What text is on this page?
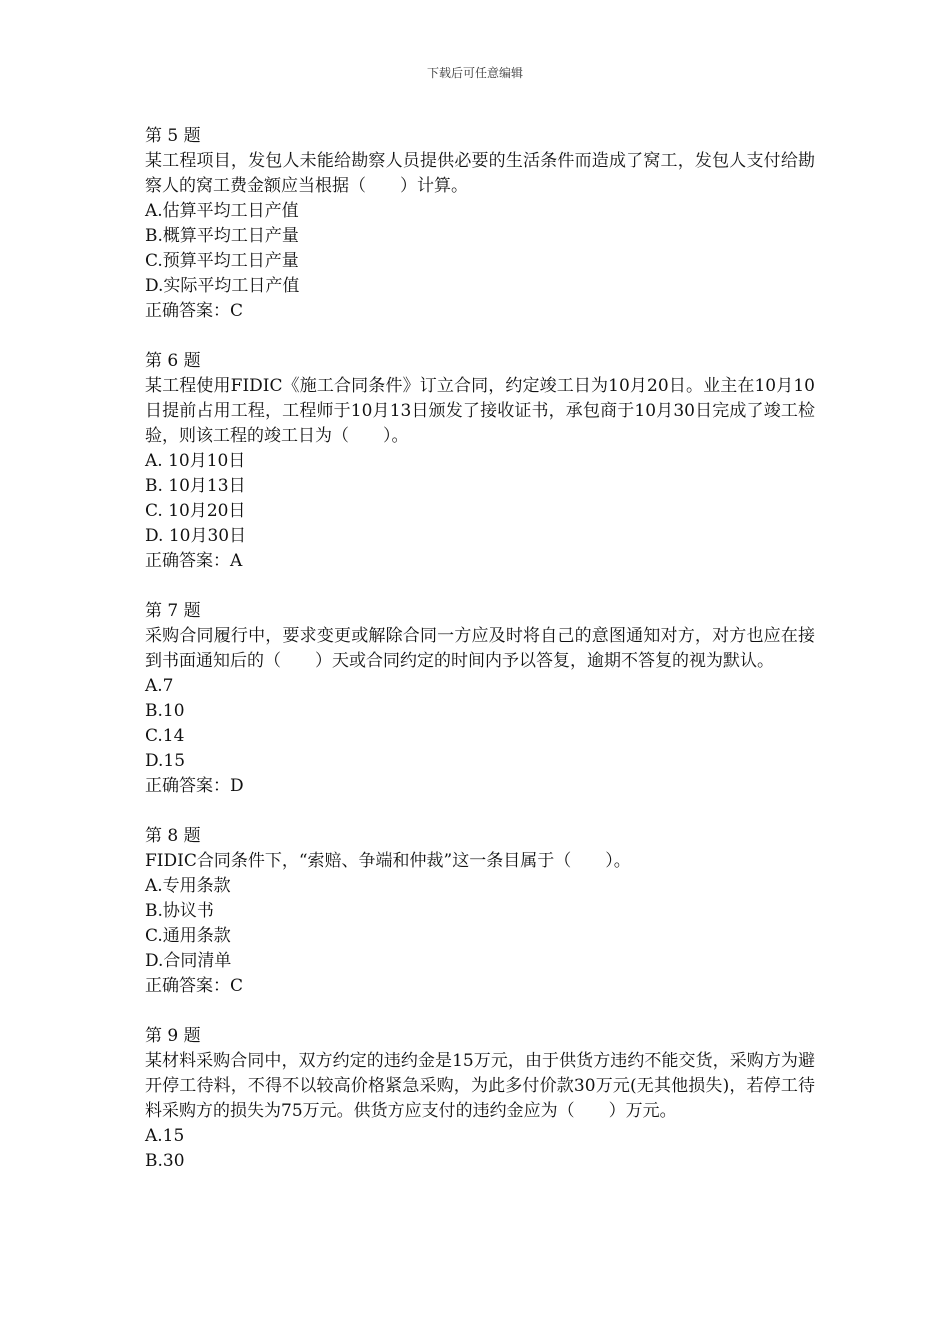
下载后可任意编辑
第 5 题
某工程项目，发包人未能给勘察人员提供必要的生活条件而造成了窝工，发包人支付给勘察人的窝工费金额应当根据（　　）计算。
A.估算平均工日产值
B.概算平均工日产量
C.预算平均工日产量
D.实际平均工日产值
正确答案：C
第 6 题
某工程使用FIDIC《施工合同条件》订立合同，约定竣工日为10月20日。业主在10月10日提前占用工程，工程师于10月13日颁发了接收证书，承包商于10月30日完成了竣工检验，则该工程的竣工日为（　　）。
A. 10月10日
B. 10月13日
C. 10月20日
D. 10月30日
正确答案：A
第 7 题
采购合同履行中，要求变更或解除合同一方应及时将自己的意图通知对方，对方也应在接到书面通知后的（　　）天或合同约定的时间内予以答复，逾期不答复的视为默认。
A.7
B.10
C.14
D.15
正确答案：D
第 8 题
FIDIC合同条件下，“索赔、争端和仲裁”这一条目属于（　　）。
A.专用条款
B.协议书
C.通用条款
D.合同清单
正确答案：C
第 9 题
某材料采购合同中，双方约定的违约金是15万元，由于供货方违约不能交货，采购方为避开停工待料，不得不以较高价格紧急采购，为此多付价款30万元(无其他损失)，若停工待料采购方的损失为75万元。供货方应支付的违约金应为（　　）万元。
A.15
B.30
